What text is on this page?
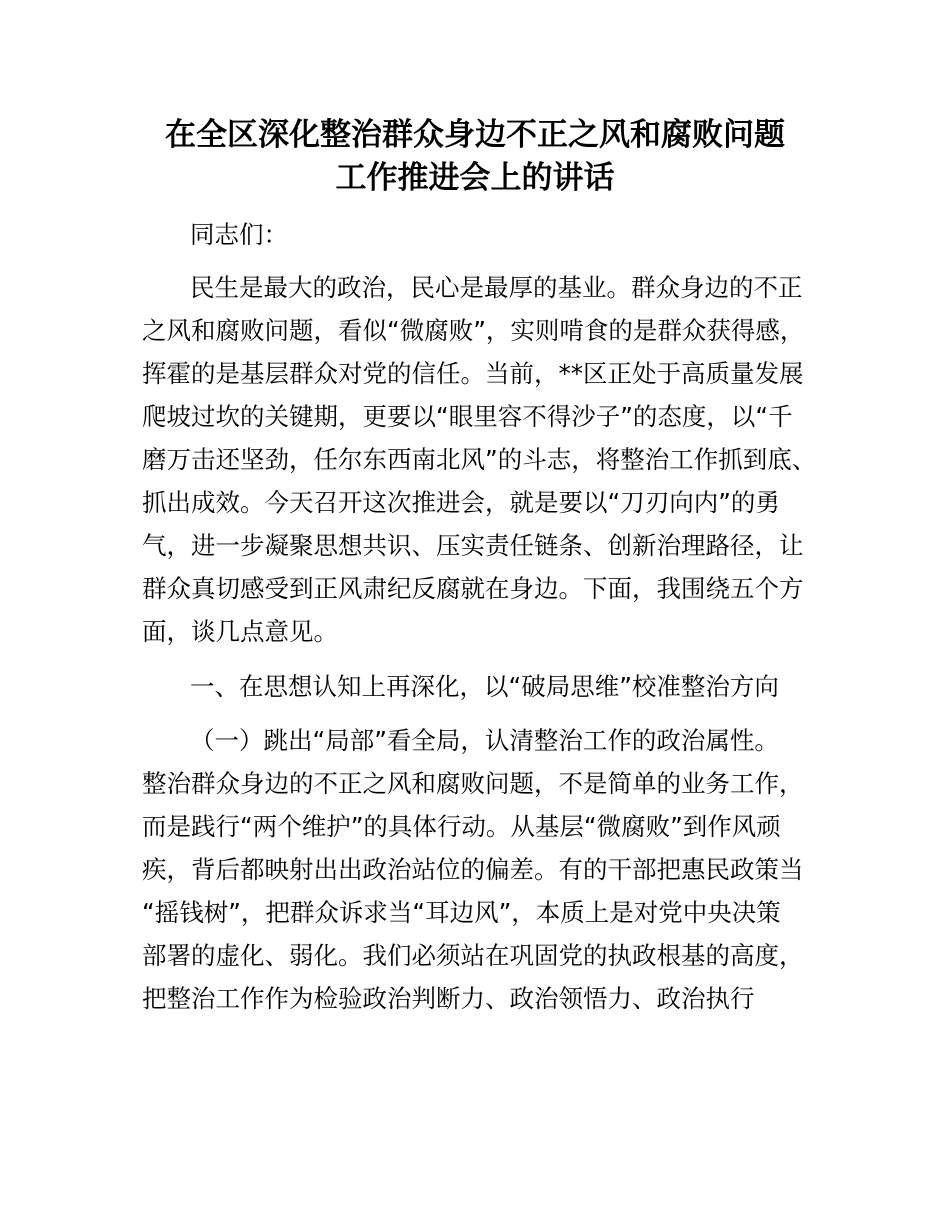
在全区深化整治群众身边不正之风和腐败问题
工作推进会上的讲话
同志们：
民生是最大的政治，民心是最厚的基业。群众身边的不正
之风和腐败问题，看似“微腐败”，实则啃食的是群众获得感，
挥霍的是基层群众对党的信任。当前，**区正处于高质量发展
爬坡过坎的关键期，更要以“眼里容不得沙子”的态度，以“千
磨万击还坚劲，任尔东西南北风”的斗志，将整治工作抓到底、
抓出成效。今天召开这次推进会，就是要以“刀刃向内”的勇
气，进一步凝聚思想共识、压实责任链条、创新治理路径，让
群众真切感受到正风肃纪反腐就在身边。下面，我围绕五个方
面，谈几点意见。
一、在思想认知上再深化，以“破局思维”校准整治方向
（一）跳出“局部”看全局，认清整治工作的政治属性。
整治群众身边的不正之风和腐败问题，不是简单的业务工作，
而是践行“两个维护”的具体行动。从基层“微腐败”到作风顽
疾，背后都映射出出政治站位的偏差。有的干部把惠民政策当
“摇钱树”，把群众诉求当“耳边风”，本质上是对党中央决策
部署的虚化、弱化。我们必须站在巩固党的执政根基的高度，
把整治工作作为检验政治判断力、政治领悟力、政治执行
